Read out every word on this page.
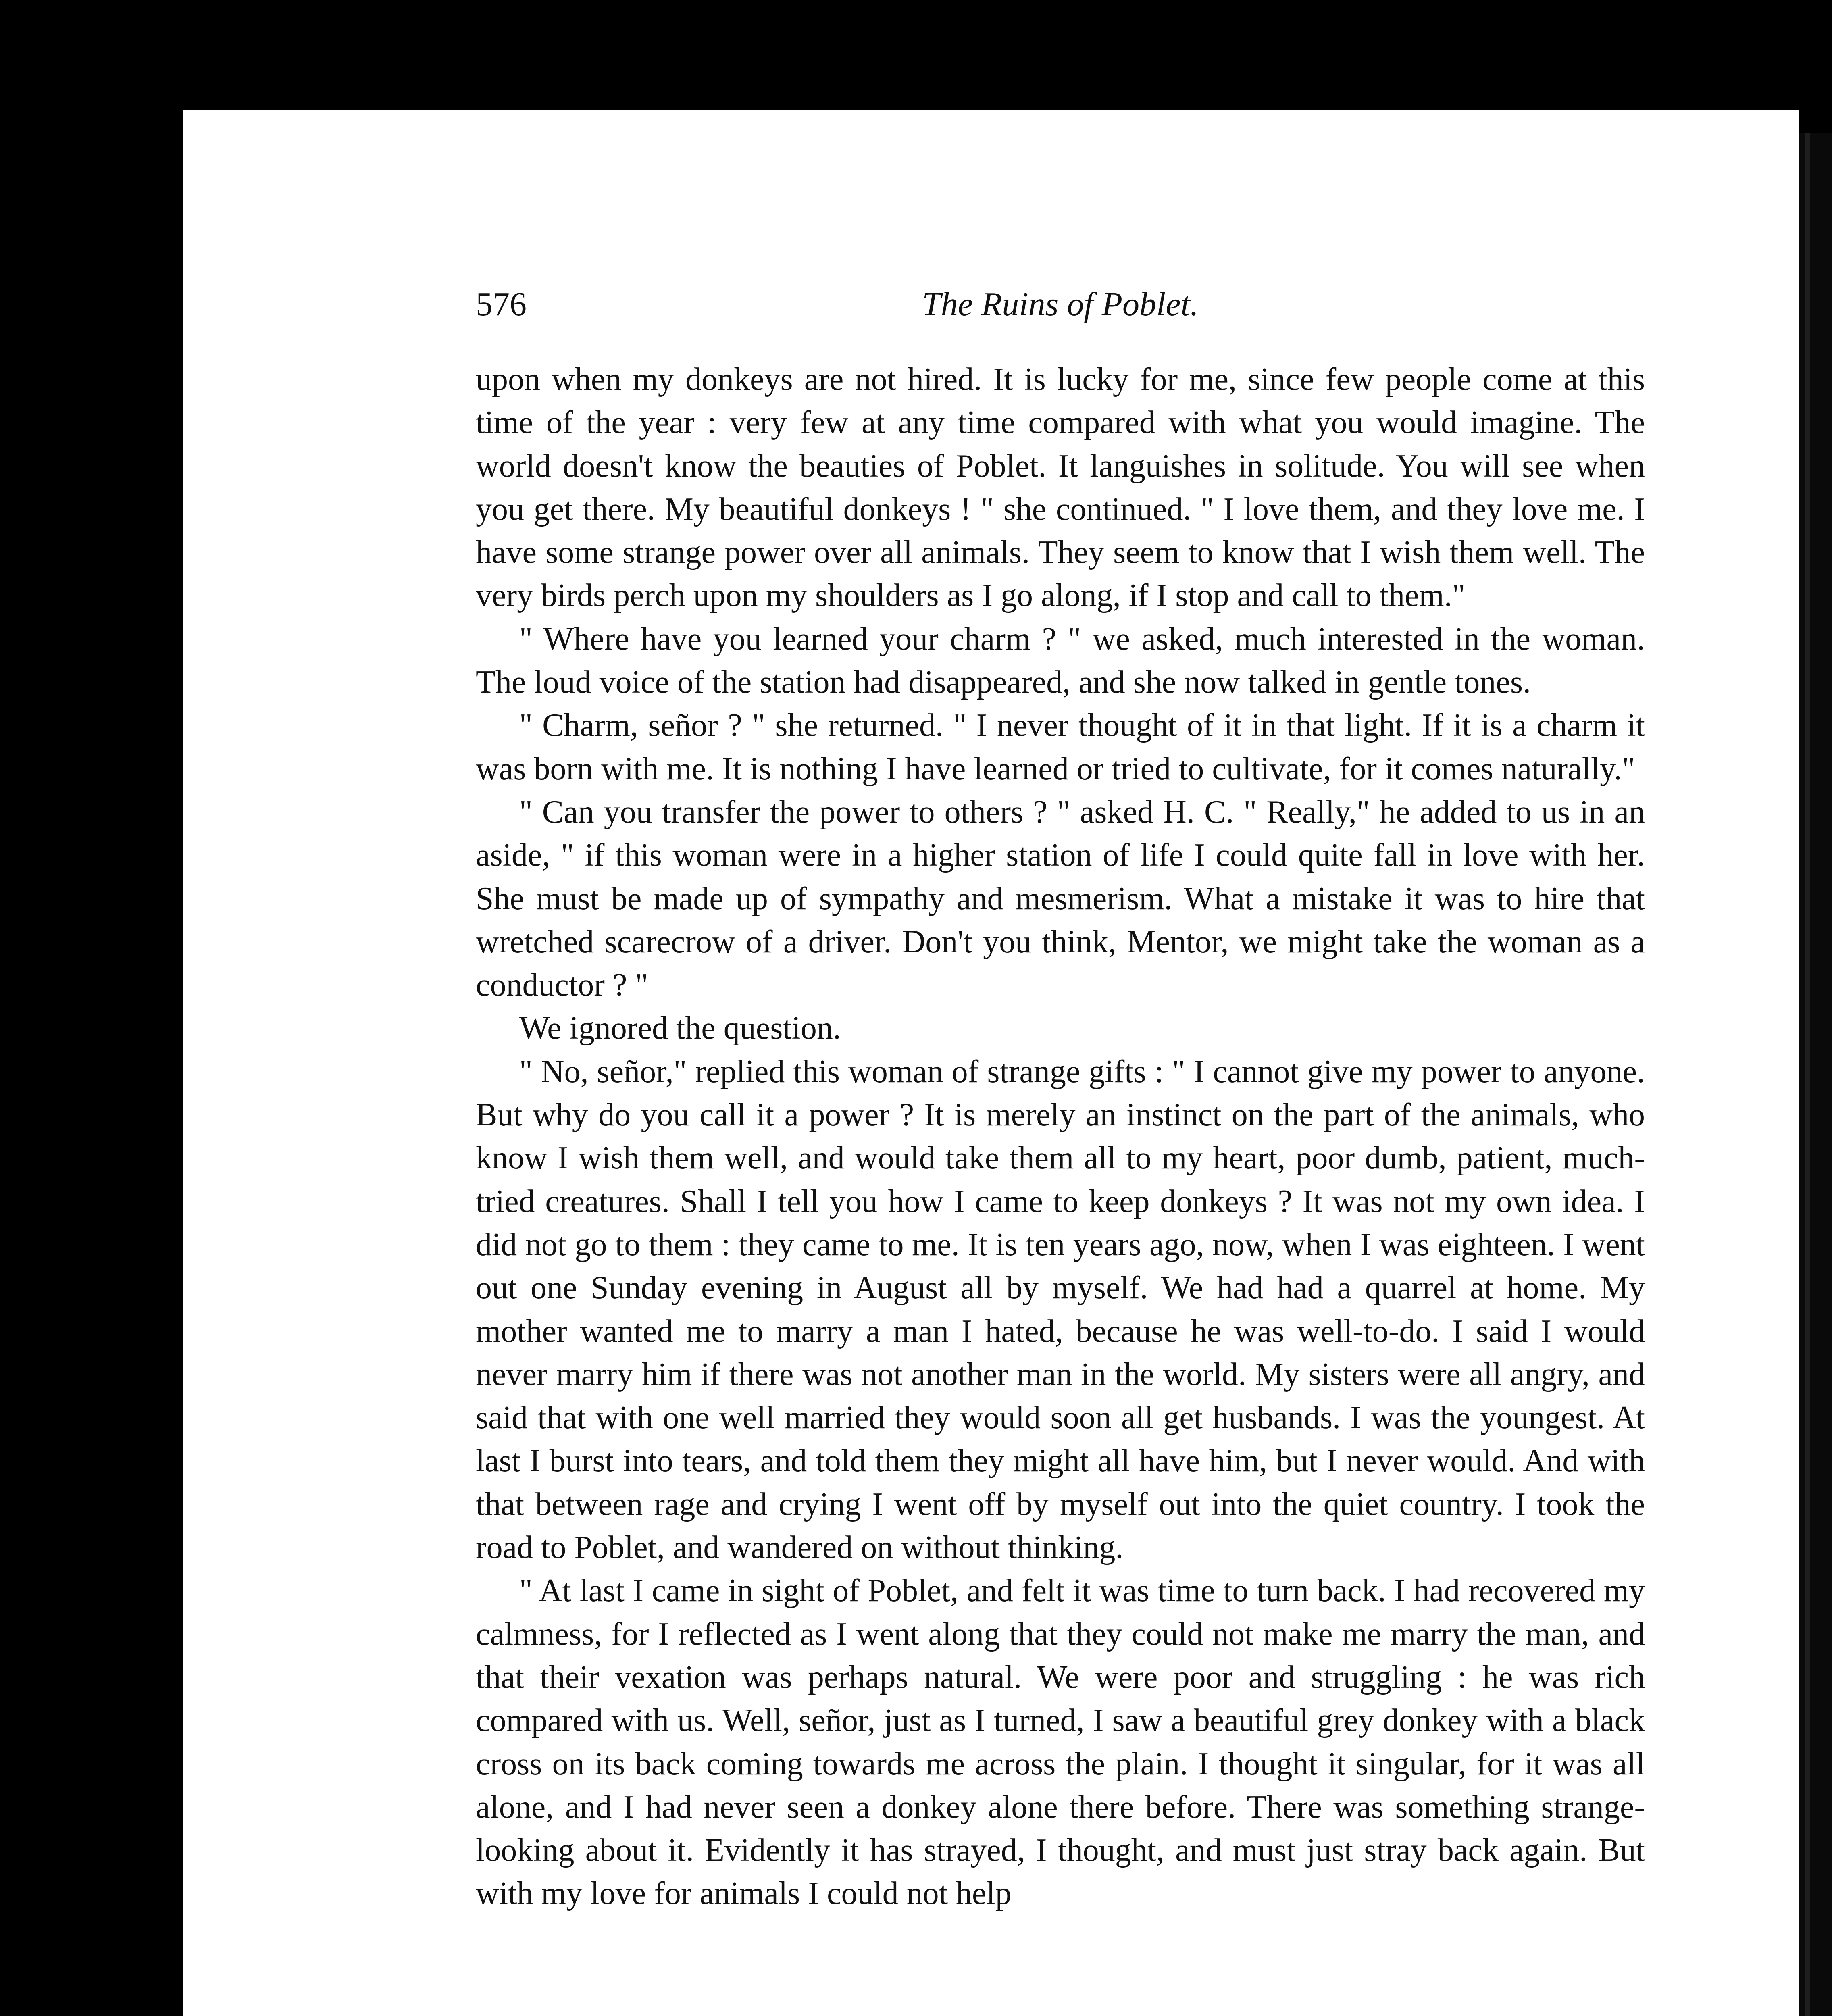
576	The Ruins of Poblet.

upon when my donkeys are not hired. It is lucky for me, since few people come at this time of the year : very few at any time compared with what you would imagine. The world doesn't know the beauties of Poblet. It languishes in solitude. You will see when you get there. My beautiful donkeys ! " she continued. " I love them, and they love me. I have some strange power over all animals. They seem to know that I wish them well. The very birds perch upon my shoulders as I go along, if I stop and call to them."

" Where have you learned your charm ? " we asked, much interested in the woman. The loud voice of the station had disappeared, and she now talked in gentle tones.

" Charm, señor ? " she returned. " I never thought of it in that light. If it is a charm it was born with me. It is nothing I have learned or tried to cultivate, for it comes naturally."

" Can you transfer the power to others ? " asked H. C. " Really," he added to us in an aside, " if this woman were in a higher station of life I could quite fall in love with her. She must be made up of sympathy and mesmerism. What a mistake it was to hire that wretched scarecrow of a driver. Don't you think, Mentor, we might take the woman as a conductor ? "

We ignored the question.

" No, señor," replied this woman of strange gifts : " I cannot give my power to anyone. But why do you call it a power ? It is merely an instinct on the part of the animals, who know I wish them well, and would take them all to my heart, poor dumb, patient, much-tried creatures. Shall I tell you how I came to keep donkeys ? It was not my own idea. I did not go to them : they came to me. It is ten years ago, now, when I was eighteen. I went out one Sunday evening in August all by myself. We had had a quarrel at home. My mother wanted me to marry a man I hated, because he was well-to-do. I said I would never marry him if there was not another man in the world. My sisters were all angry, and said that with one well married they would soon all get husbands. I was the youngest. At last I burst into tears, and told them they might all have him, but I never would. And with that between rage and crying I went off by myself out into the quiet country. I took the road to Poblet, and wandered on without thinking.

" At last I came in sight of Poblet, and felt it was time to turn back. I had recovered my calmness, for I reflected as I went along that they could not make me marry the man, and that their vexation was perhaps natural. We were poor and struggling : he was rich compared with us. Well, señor, just as I turned, I saw a beautiful grey donkey with a black cross on its back coming towards me across the plain. I thought it singular, for it was all alone, and I had never seen a donkey alone there before. There was something strange-looking about it. Evidently it has strayed, I thought, and must just stray back again. But with my love for animals I could not help
